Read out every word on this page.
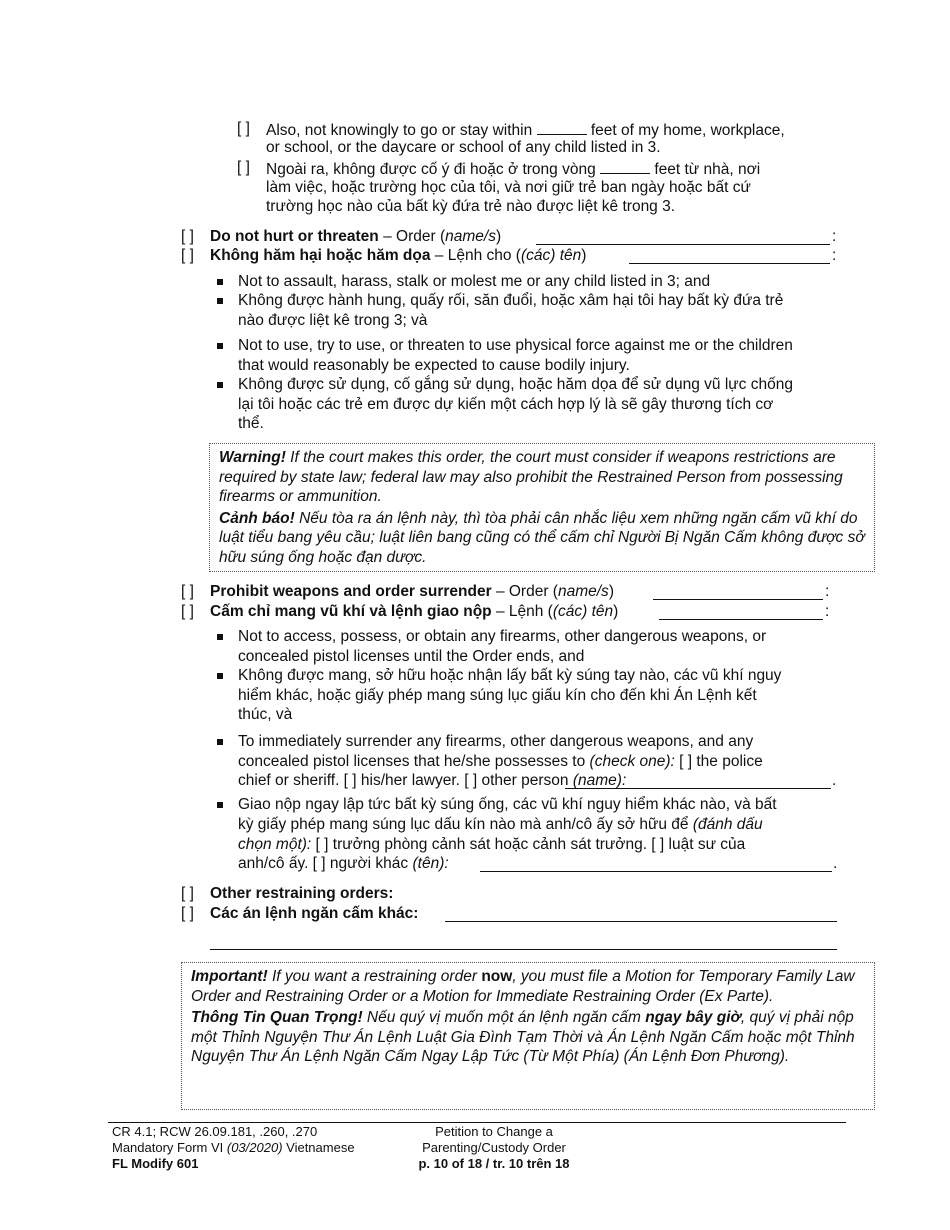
[ ] Also, not knowingly to go or stay within	feet of my home, workplace,
or school, or the daycare or school of any child listed in 3.
[ ] Ngoài ra, không được cố ý đi hoặc ở trong vòng	feet từ nhà, nơi
làm việc, hoặc trường học của tôi, và nơi giữ trẻ ban ngày hoặc bất cứ
trường học nào của bất kỳ đứa trẻ nào được liệt kê trong 3.
[ ] Do not hurt or threaten – Order (name/s)	:
[ ] Không hăm hại hoặc hăm dọa – Lệnh cho ((các) tên)	:
Not to assault, harass, stalk or molest me or any child listed in 3; and
Không được hành hung, quấy rối, săn đuổi, hoặc xâm hại tôi hay bất kỳ đứa trẻ
nào được liệt kê trong 3; và
Not to use, try to use, or threaten to use physical force against me or the children
that would reasonably be expected to cause bodily injury.
Không được sử dụng, cố gắng sử dụng, hoặc hăm dọa để sử dụng vũ lực chống
lại tôi hoặc các trẻ em được dự kiến một cách hợp lý là sẽ gây thương tích cơ
thể.

Warning! If the court makes this order, the court must consider if weapons restrictions are required by state law; federal law may also prohibit the Restrained Person from possessing firearms or ammunition.

Cảnh báo! Nếu tòa ra án lệnh này, thì tòa phải cân nhắc liệu xem những ngăn cấm vũ khí do luật tiểu bang yêu cầu; luật liên bang cũng có thể cấm chỉ Người Bị Ngăn Cấm không được sở hữu súng ống hoặc đạn dược.

[ ] Prohibit weapons and order surrender – Order (name/s)	:
[ ] Cấm chỉ mang vũ khí và lệnh giao nộp – Lệnh ((các) tên)	:
Not to access, possess, or obtain any firearms, other dangerous weapons, or
concealed pistol licenses until the Order ends, and
Không được mang, sở hữu hoặc nhận lấy bất kỳ súng tay nào, các vũ khí nguy
hiểm khác, hoặc giấy phép mang súng lục giấu kín cho đến khi Án Lệnh kết
thúc, và
To immediately surrender any firearms, other dangerous weapons, and any
concealed pistol licenses that he/she possesses to (check one): [ ] the police
chief or sheriff. [ ] his/her lawyer. [ ] other person (name):	.
Giao nộp ngay lập tức bất kỳ súng ống, các vũ khí nguy hiểm khác nào, và bất
kỳ giấy phép mang súng lục dấu kín nào mà anh/cô ấy sở hữu để (đánh dấu
chọn một): [ ] trưởng phòng cảnh sát hoặc cảnh sát trưởng. [ ] luật sư của
anh/cô ấy. [ ] người khác (tên):	.
[ ] Other restraining orders:
[ ] Các án lệnh ngăn cấm khác:

Important! If you want a restraining order now, you must file a Motion for Temporary Family Law Order and Restraining Order or a Motion for Immediate Restraining Order (Ex Parte).

Thông Tin Quan Trọng! Nếu quý vị muốn một án lệnh ngăn cấm ngay bây giờ, quý vị phải nộp một Thỉnh Nguyện Thư Án Lệnh Luật Gia Đình Tạm Thời và Án Lệnh Ngăn Cấm hoặc một Thỉnh Nguyện Thư Án Lệnh Ngăn Cấm Ngay Lập Tức (Từ Một Phía) (Án Lệnh Đơn Phương).

CR 4.1; RCW 26.09.181, .260, .270
Mandatory Form VI (03/2020) Vietnamese
FL Modify 601
Petition to Change a
Parenting/Custody Order
p. 10 of 18 / tr. 10 trên 18
